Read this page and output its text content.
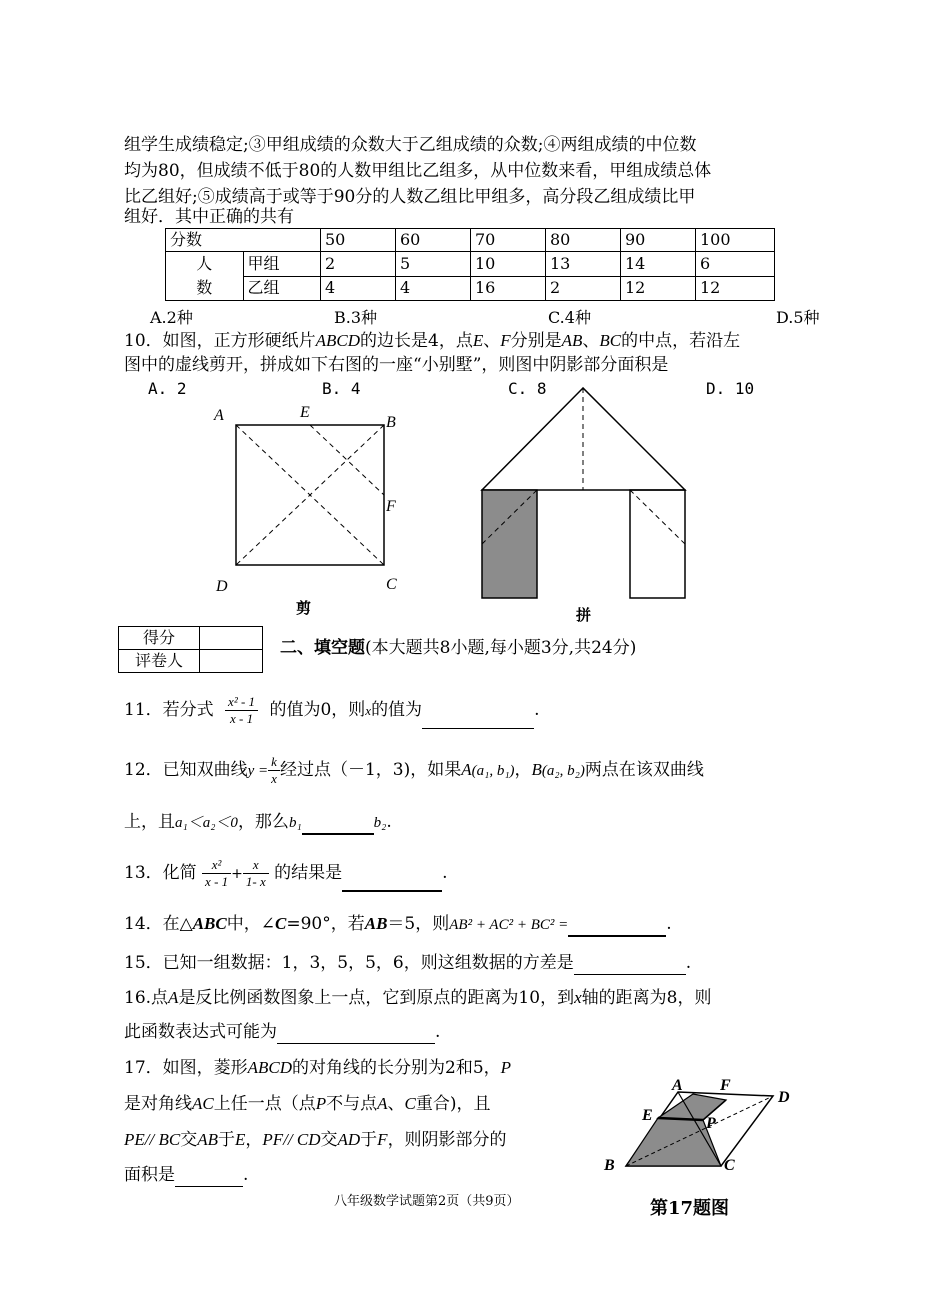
组学生成绩稳定;③甲组成绩的众数大于乙组成绩的众数;④两组成绩的中位数
均为80，但成绩不低于80的人数甲组比乙组多，从中位数来看，甲组成绩总体
比乙组好;⑤成绩高于或等于90分的人数乙组比甲组多，高分段乙组成绩比甲
组好．其中正确的共有
分数		50	60	70	80	90	100
人
数	甲组	2	5	10	13	14	6
	乙组	4	4	16	2	12	12
A.2种	B.3种	C.4种	D.5种
10．如图，正方形硬纸片ABCD的边长是4，点E、F分别是AB、BC的中点，若沿左
图中的虚线剪开，拼成如下右图的一座“小别墅”，则图中阴影部分面积是
A. 2	B. 4	C. 8	D. 10
A	E
B
F
D	C
剪	拼
得分	
评卷人	
二、填空题(本大题共8小题,每小题3分,共24分)
11．若分式 $\frac{\text{x² - 1}}{x - 1}$ 的值为0，则x的值为	.
12．已知双曲线$y = \frac{k}{x}$ 经过点（－1，3)，如果A(a₁, b₁)，B(a₂, b₂)两点在该双曲线
上，且a₁＜a₂＜0，那么b₁	b₂.
13．化简 $\frac{\text{x²}}{x - 1} + \frac{x}{1- x}$ 的结果是	.
14．在△ABC中，∠C=90°，若AB＝5，则AB² + AC² + BC² =	.
15．已知一组数据：1，3，5，5，6，则这组数据的方差是	.
16.点A是反比例函数图象上一点，它到原点的距离为10，到x轴的距离为8，则
此函数表达式可能为	.
17．如图，菱形ABCD的对角线的长分别为2和5，P
是对角线AC上任一点（点P不与点A、C重合)，且
PE// BC交AB于E，PF// CD交AD于F，则阴影部分的
面积是	.
A F
D
E	P
B	C
第17题图
八年级数学试题第2页（共9页）
